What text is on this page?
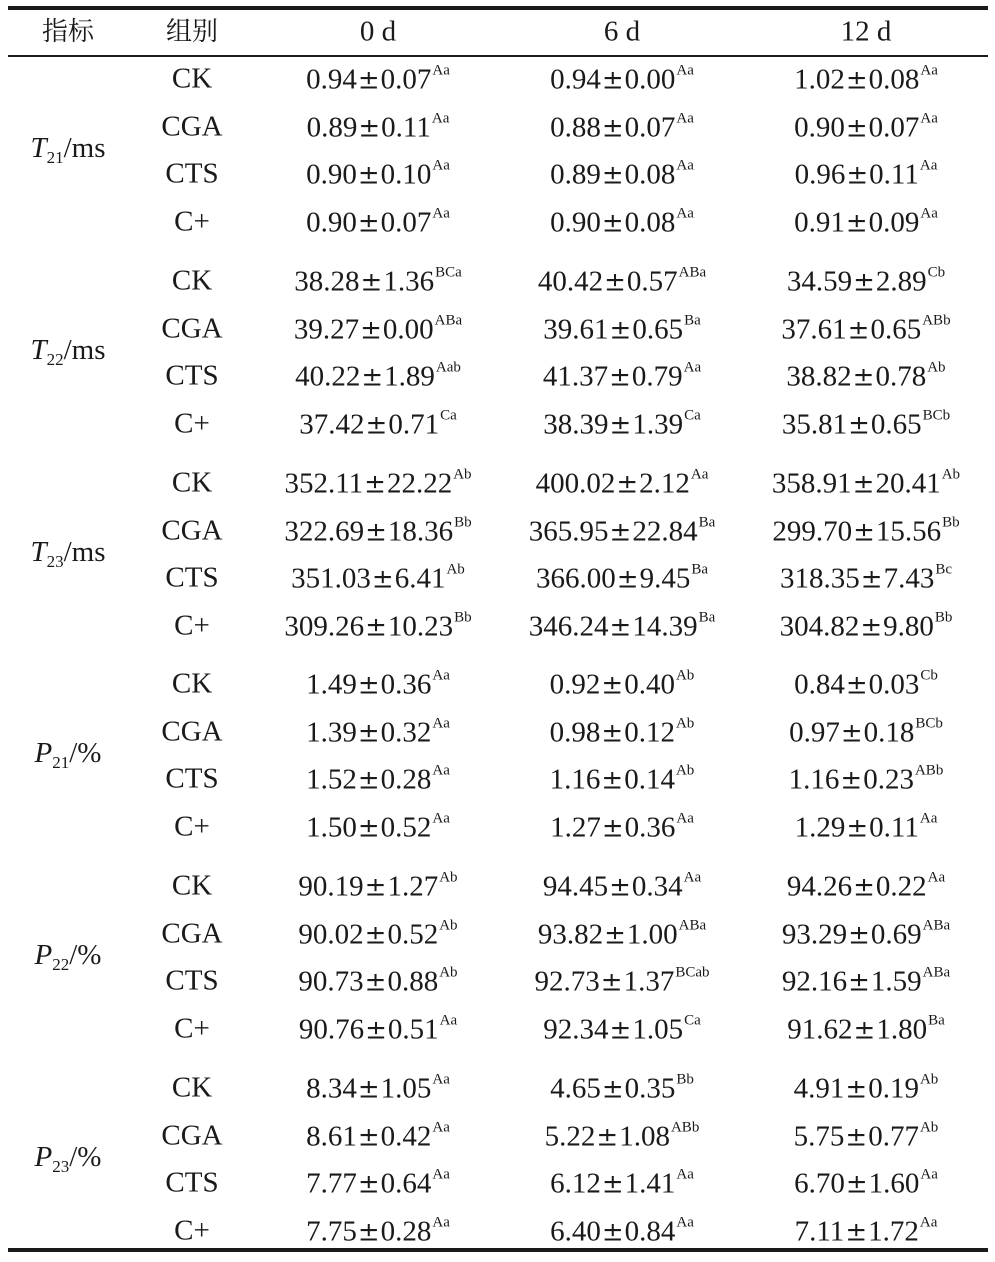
指标	组别	0 d	6 d	12 d
$T_{21}/ms$
CK	$0.94\pm 0.07^{Aa}$	$0.94\pm 0.00^{Aa}$	$1.02\pm 0.08^{Aa}$
CGA	$0.89\pm 0.11^{Aa}$	$0.88\pm 0.07^{Aa}$	$0.90\pm 0.07^{Aa}$
CTS	$0.90\pm 0.10^{Aa}$	$0.89\pm 0.08^{Aa}$	$0.96\pm 0.11^{Aa}$
C+	$0.90\pm 0.07^{Aa}$	$0.90\pm 0.08^{Aa}$	$0.91\pm 0.09^{Aa}$
$T_{22}/ms$
CK	$38.28\pm 1.36^{BCa}$	$40.42\pm 0.57^{ABa}$	$34.59\pm 2.89^{Cb}$
CGA $39.27\pm 0.00^{ABa}$	$39.61\pm 0.65^{Ba}$	$37.61\pm 0.65^{ABb}$
CTS	$40.22\pm 1.89^{Aab}$	$41.37\pm 0.79^{Aa}$	$38.82\pm 0.78^{Ab}$
C+	$37.42\pm 0.71^{Ca}$	$38.39\pm 1.39^{Ca}$	$35.81\pm 0.65^{BCb}$
$T_{23}/ms$
CK $352.11\pm 22.22^{Ab}$ $400.02\pm 2.12^{Aa}$ $358.91\pm 20.41^{Ab}$
CGA $322.69\pm 18.36^{Bb}$ $365.95\pm 22.84^{Ba}$ $299.70\pm 15.56^{Bb}$
CTS	$351.03\pm 6.41^{Ab}$ $366.00\pm 9.45^{Ba}$ $318.35\pm 7.43^{Bc}$
C+	$309.26\pm 10.23^{Bb}$ $346.24\pm 14.39^{Ba}$ $304.82\pm 9.80^{Bb}$
$P_{21}/\%$
CK	$1.49\pm 0.36^{Aa}$	$0.92\pm 0.40^{Ab}$	$0.84\pm 0.03^{Cb}$
CGA	$1.39\pm 0.32^{Aa}$	$0.98\pm 0.12^{Ab}$	$0.97\pm 0.18^{BCb}$
CTS	$1.52\pm 0.28^{Aa}$	$1.16\pm 0.14^{Ab}$	$1.16\pm 0.23^{ABb}$
C+	$1.50\pm 0.52^{Aa}$	$1.27\pm 0.36^{Aa}$	$1.29\pm 0.11^{Aa}$
$P_{22}/\%$
CK	$90.19\pm 1.27^{Ab}$	$94.45\pm 0.34^{Aa}$	$94.26\pm 0.22^{Aa}$
CGA	$90.02\pm 0.52^{Ab}$	$93.82\pm 1.00^{ABa}$	$93.29\pm 0.69^{ABa}$
CTS	$90.73\pm 0.88^{Ab}$	$92.73\pm 1.37^{BCab}$ $92.16\pm 1.59^{ABa}$
C+	$90.76\pm 0.51^{Aa}$	$92.34\pm 1.05^{Ca}$	$91.62\pm 1.80^{Ba}$
$P_{23}/\%$
CK	$8.34\pm 1.05^{Aa}$	$4.65\pm 0.35^{Bb}$	$4.91\pm 0.19^{Ab}$
CGA	$8.61\pm 0.42^{Aa}$	$5.22\pm 1.08^{ABb}$	$5.75\pm 0.77^{Ab}$
CTS	$7.77\pm 0.64^{Aa}$	$6.12\pm 1.41^{Aa}$	$6.70\pm 1.60^{Aa}$
C+	$7.75\pm 0.28^{Aa}$	$6.40\pm 0.84^{Aa}$	$7.11\pm 1.72^{Aa}$
